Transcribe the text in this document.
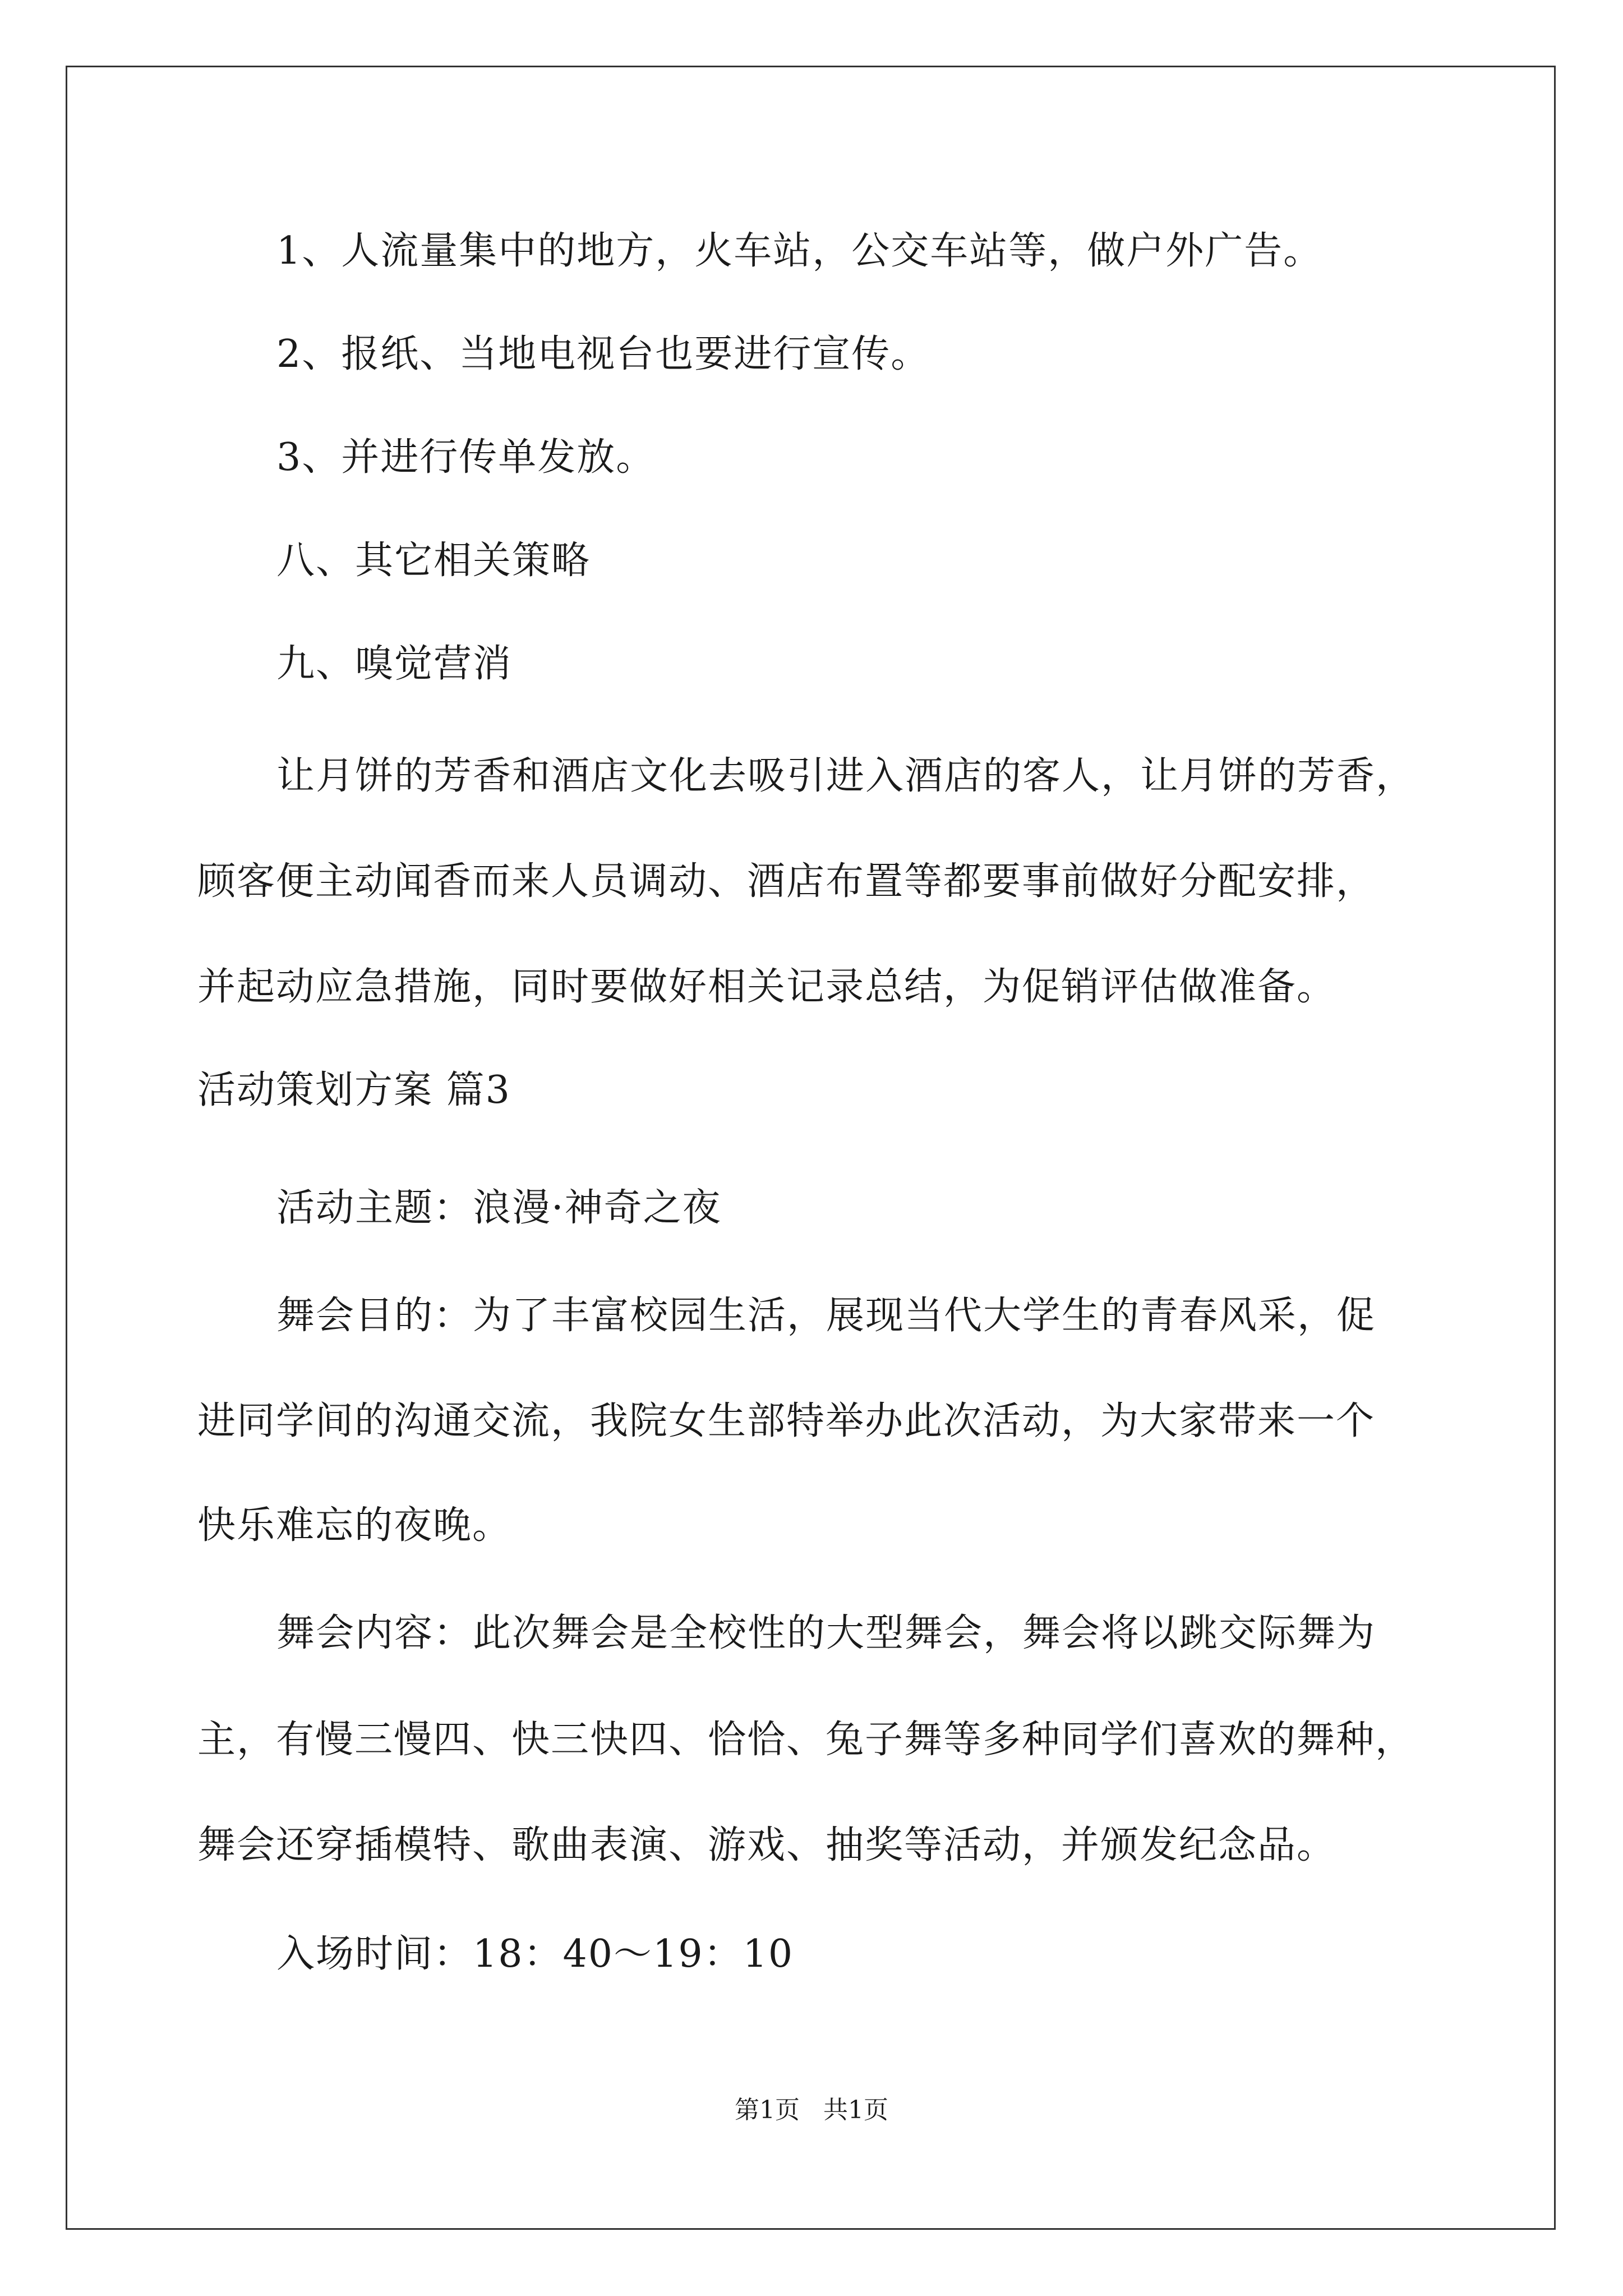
1、人流量集中的地方，火车站，公交车站等，做户外广告。
2、报纸、当地电视台也要进行宣传。
3、并进行传单发放。
八、其它相关策略
九、嗅觉营消
让月饼的芳香和酒店文化去吸引进入酒店的客人，让月饼的芳香，
顾客便主动闻香而来人员调动、酒店布置等都要事前做好分配安排，
并起动应急措施，同时要做好相关记录总结，为促销评估做准备。
活动策划方案 篇3
活动主题：浪漫·神奇之夜
舞会目的：为了丰富校园生活，展现当代大学生的青春风采，促
进同学间的沟通交流，我院女生部特举办此次活动，为大家带来一个
快乐难忘的夜晚。
舞会内容：此次舞会是全校性的大型舞会，舞会将以跳交际舞为
主，有慢三慢四、快三快四、恰恰、兔子舞等多种同学们喜欢的舞种，
舞会还穿插模特、歌曲表演、游戏、抽奖等活动，并颁发纪念品。
入场时间：18：40～19：10
第1页   共1页
